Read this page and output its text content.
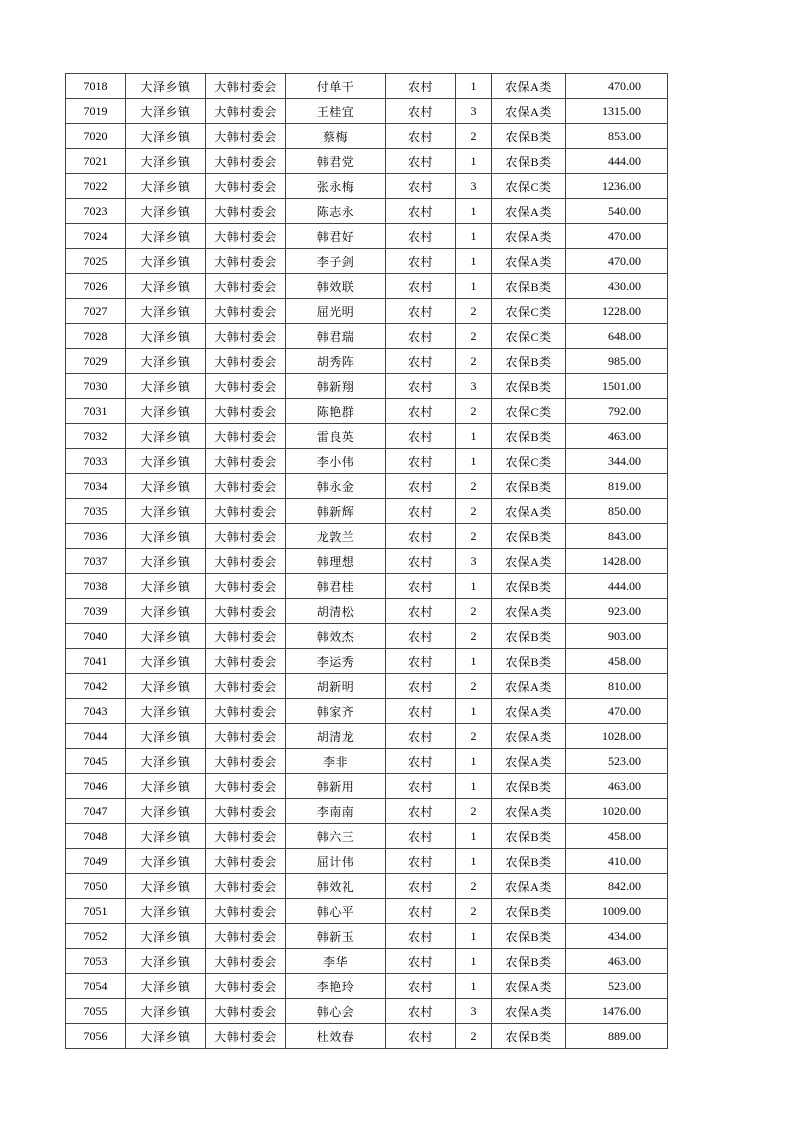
7018	大泽乡镇	大韩村委会	付单干	农村	1	农保A类	470.00
7019	大泽乡镇	大韩村委会	王桂宜	农村	3	农保A类	1315.00
7020	大泽乡镇	大韩村委会	蔡梅	农村	2	农保B类	853.00
7021	大泽乡镇	大韩村委会	韩君党	农村	1	农保B类	444.00
7022	大泽乡镇	大韩村委会	张永梅	农村	3	农保C类	1236.00
7023	大泽乡镇	大韩村委会	陈志永	农村	1	农保A类	540.00
7024	大泽乡镇	大韩村委会	韩君好	农村	1	农保A类	470.00
7025	大泽乡镇	大韩村委会	李子剑	农村	1	农保A类	470.00
7026	大泽乡镇	大韩村委会	韩效联	农村	1	农保B类	430.00
7027	大泽乡镇	大韩村委会	屈光明	农村	2	农保C类	1228.00
7028	大泽乡镇	大韩村委会	韩君瑞	农村	2	农保C类	648.00
7029	大泽乡镇	大韩村委会	胡秀阵	农村	2	农保B类	985.00
7030	大泽乡镇	大韩村委会	韩新翔	农村	3	农保B类	1501.00
7031	大泽乡镇	大韩村委会	陈艳群	农村	2	农保C类	792.00
7032	大泽乡镇	大韩村委会	雷良英	农村	1	农保B类	463.00
7033	大泽乡镇	大韩村委会	李小伟	农村	1	农保C类	344.00
7034	大泽乡镇	大韩村委会	韩永金	农村	2	农保B类	819.00
7035	大泽乡镇	大韩村委会	韩新辉	农村	2	农保A类	850.00
7036	大泽乡镇	大韩村委会	龙敦兰	农村	2	农保B类	843.00
7037	大泽乡镇	大韩村委会	韩理想	农村	3	农保A类	1428.00
7038	大泽乡镇	大韩村委会	韩君桂	农村	1	农保B类	444.00
7039	大泽乡镇	大韩村委会	胡清松	农村	2	农保A类	923.00
7040	大泽乡镇	大韩村委会	韩效杰	农村	2	农保B类	903.00
7041	大泽乡镇	大韩村委会	李运秀	农村	1	农保B类	458.00
7042	大泽乡镇	大韩村委会	胡新明	农村	2	农保A类	810.00
7043	大泽乡镇	大韩村委会	韩家齐	农村	1	农保A类	470.00
7044	大泽乡镇	大韩村委会	胡清龙	农村	2	农保A类	1028.00
7045	大泽乡镇	大韩村委会	李非	农村	1	农保A类	523.00
7046	大泽乡镇	大韩村委会	韩新用	农村	1	农保B类	463.00
7047	大泽乡镇	大韩村委会	李南南	农村	2	农保A类	1020.00
7048	大泽乡镇	大韩村委会	韩六三	农村	1	农保B类	458.00
7049	大泽乡镇	大韩村委会	屈计伟	农村	1	农保B类	410.00
7050	大泽乡镇	大韩村委会	韩效礼	农村	2	农保A类	842.00
7051	大泽乡镇	大韩村委会	韩心平	农村	2	农保B类	1009.00
7052	大泽乡镇	大韩村委会	韩新玉	农村	1	农保B类	434.00
7053	大泽乡镇	大韩村委会	李华	农村	1	农保B类	463.00
7054	大泽乡镇	大韩村委会	李艳玲	农村	1	农保A类	523.00
7055	大泽乡镇	大韩村委会	韩心会	农村	3	农保A类	1476.00
7056	大泽乡镇	大韩村委会	杜效春	农村	2	农保B类	889.00
